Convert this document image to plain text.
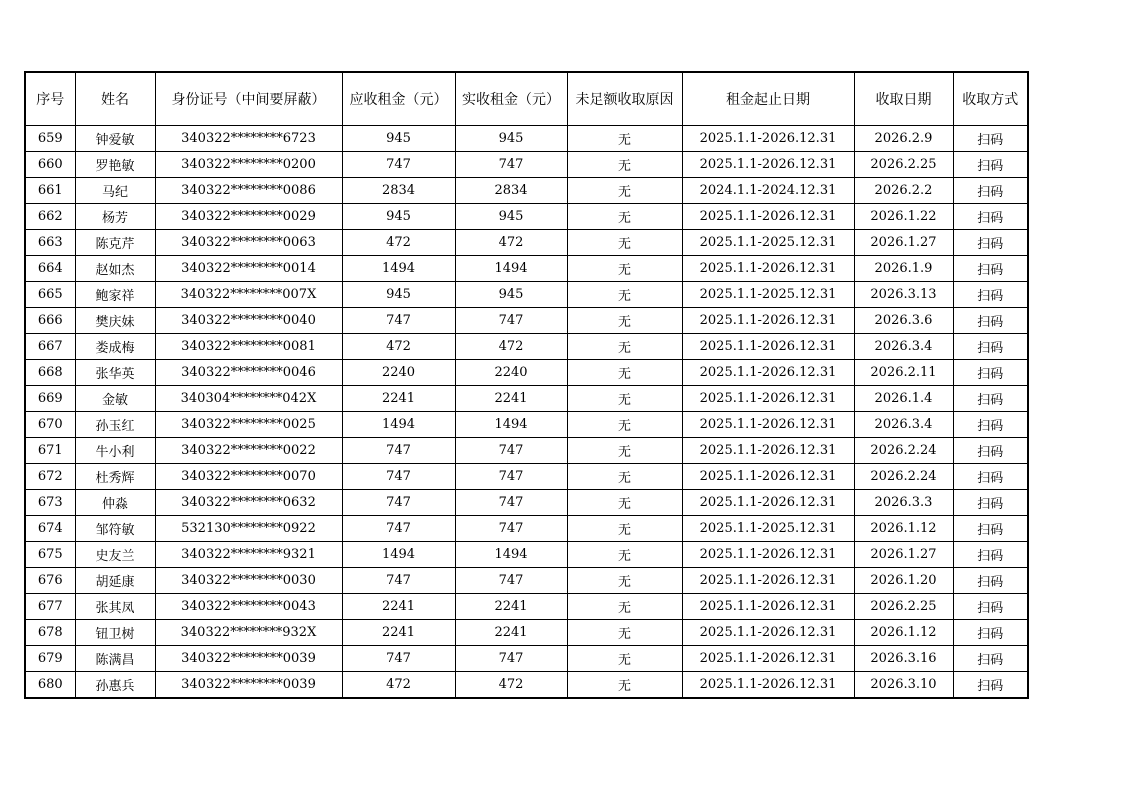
序号	姓名	身份证号（中间要屏蔽）	应收租金（元）	实收租金（元）	未足额收取原因	租金起止日期	收取日期	收取方式
659	钟爱敏	340322********6723	945	945	无	2025.1.1-2026.12.31	2026.2.9	扫码
660	罗艳敏	340322********0200	747	747	无	2025.1.1-2026.12.31	2026.2.25	扫码
661	马纪	340322********0086	2834	2834	无	2024.1.1-2024.12.31	2026.2.2	扫码
662	杨芳	340322********0029	945	945	无	2025.1.1-2026.12.31	2026.1.22	扫码
663	陈克芹	340322********0063	472	472	无	2025.1.1-2025.12.31	2026.1.27	扫码
664	赵如杰	340322********0014	1494	1494	无	2025.1.1-2026.12.31	2026.1.9	扫码
665	鲍家祥	340322********007X	945	945	无	2025.1.1-2025.12.31	2026.3.13	扫码
666	樊庆妹	340322********0040	747	747	无	2025.1.1-2026.12.31	2026.3.6	扫码
667	娄成梅	340322********0081	472	472	无	2025.1.1-2026.12.31	2026.3.4	扫码
668	张华英	340322********0046	2240	2240	无	2025.1.1-2026.12.31	2026.2.11	扫码
669	金敏	340304********042X	2241	2241	无	2025.1.1-2026.12.31	2026.1.4	扫码
670	孙玉红	340322********0025	1494	1494	无	2025.1.1-2026.12.31	2026.3.4	扫码
671	牛小利	340322********0022	747	747	无	2025.1.1-2026.12.31	2026.2.24	扫码
672	杜秀辉	340322********0070	747	747	无	2025.1.1-2026.12.31	2026.2.24	扫码
673	仲淼	340322********0632	747	747	无	2025.1.1-2026.12.31	2026.3.3	扫码
674	邹符敏	532130********0922	747	747	无	2025.1.1-2025.12.31	2026.1.12	扫码
675	史友兰	340322********9321	1494	1494	无	2025.1.1-2026.12.31	2026.1.27	扫码
676	胡延康	340322********0030	747	747	无	2025.1.1-2026.12.31	2026.1.20	扫码
677	张其凤	340322********0043	2241	2241	无	2025.1.1-2026.12.31	2026.2.25	扫码
678	钮卫树	340322********932X	2241	2241	无	2025.1.1-2026.12.31	2026.1.12	扫码
679	陈满昌	340322********0039	747	747	无	2025.1.1-2026.12.31	2026.3.16	扫码
680	孙惠兵	340322********0039	472	472	无	2025.1.1-2026.12.31	2026.3.10	扫码
